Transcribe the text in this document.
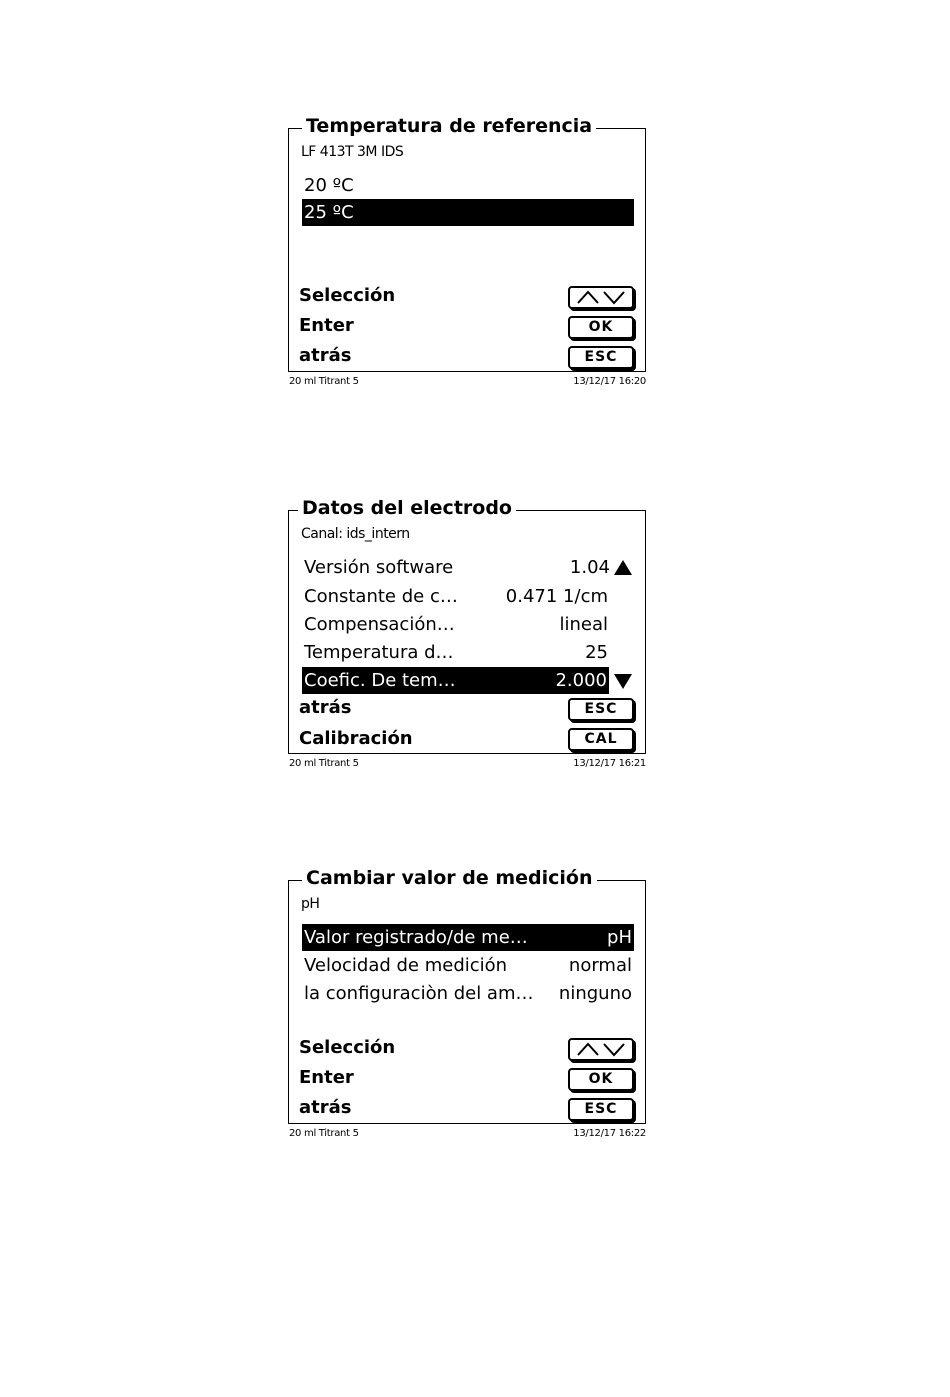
Temperatura de referencia
LF 413T 3M IDS
20 ºC
25 ºC
Selección
Enter	OK
atrás	ESC
20 ml Titrant 5	13/12/17 16:20
Datos del electrodo
Canal: ids_intern
Versión software	1.04
Constante de c…	0.471 1/cm
Compensación…	lineal
Temperatura d…	25
Coefic. De tem…	2.000
atrás	ESC
Calibración	CAL
20 ml Titrant 5	13/12/17 16:21
Cambiar valor de medición
pH
Valor registrado/de me…	pH
Velocidad de medición	normal
la configuraciòn del am… ninguno
Selección
Enter	OK
atrás	ESC
20 ml Titrant 5	13/12/17 16:22
